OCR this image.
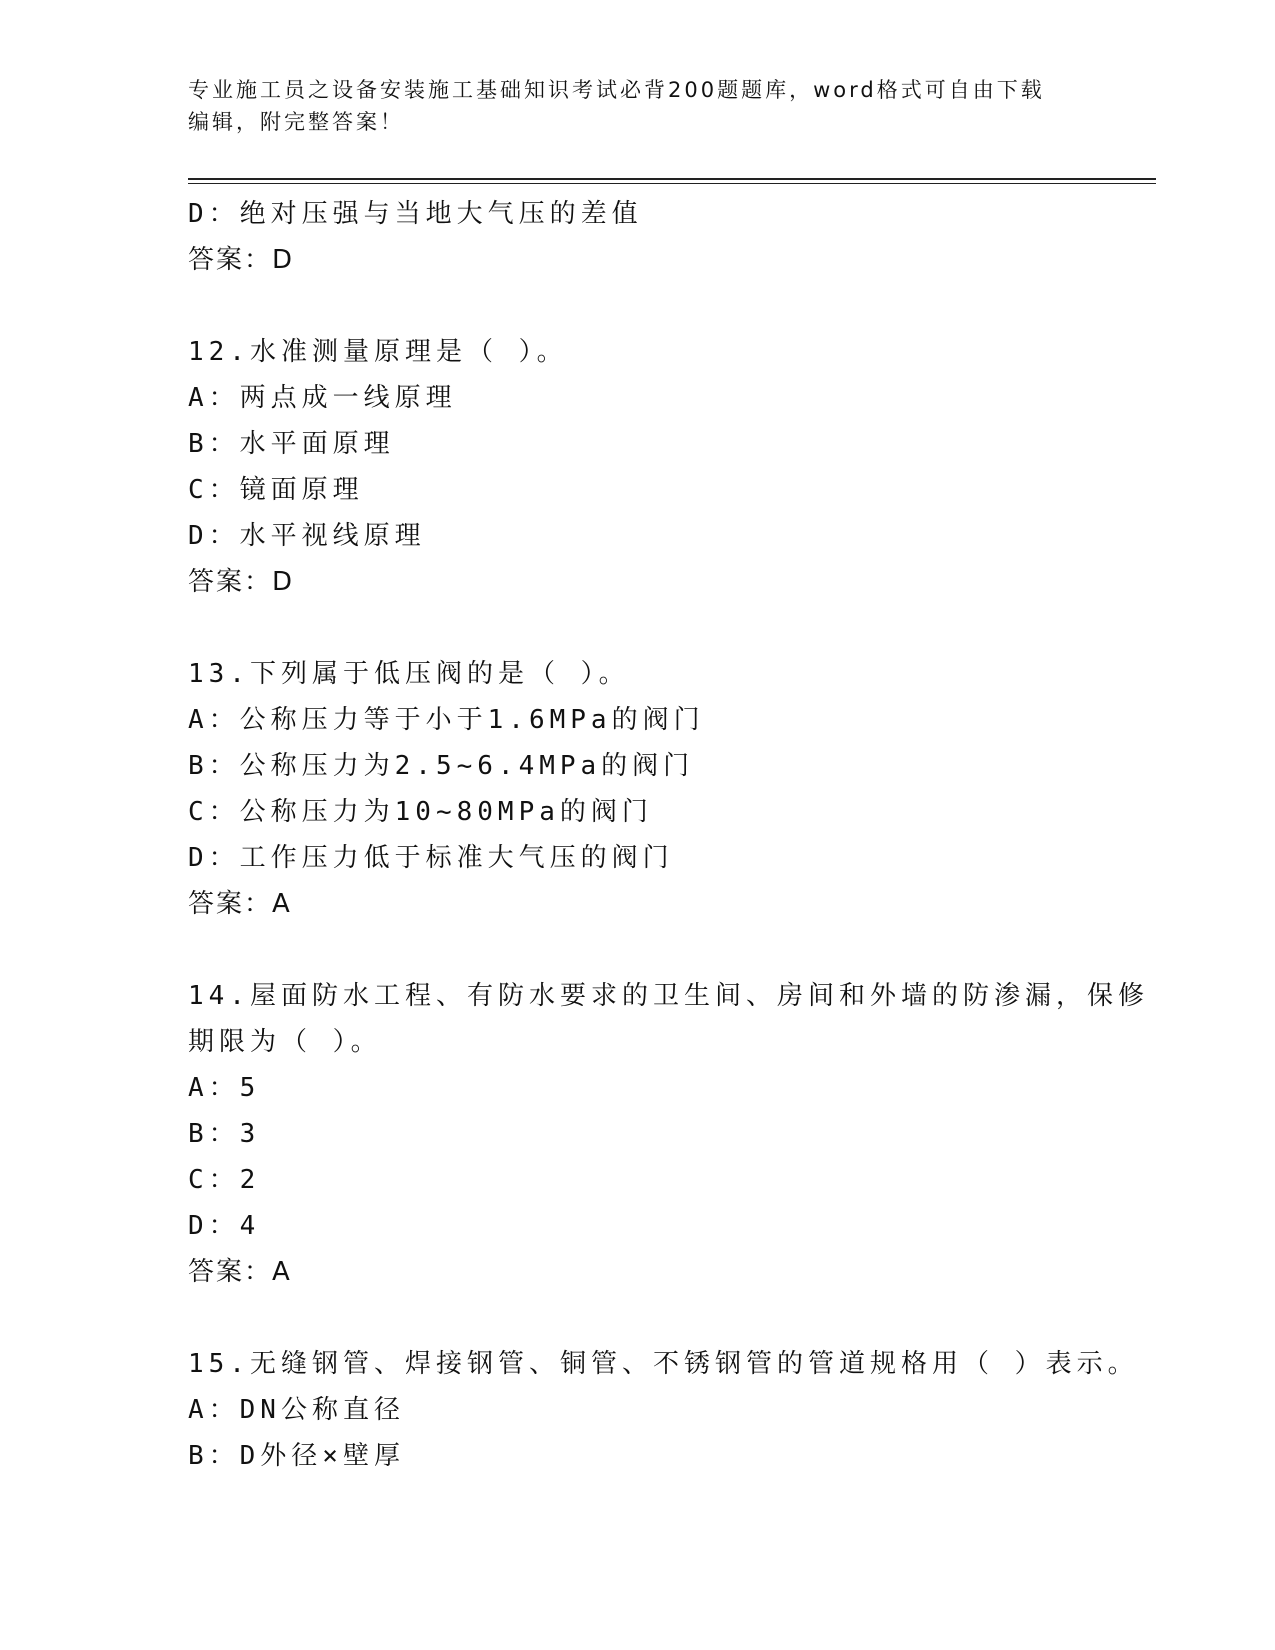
专业施工员之设备安装施工基础知识考试必背200题题库，word格式可自由下载
编辑，附完整答案！
D：绝对压强与当地大气压的差值
答案：D
12.水准测量原理是（ ）。
A：两点成一线原理
B：水平面原理
C：镜面原理
D：水平视线原理
答案：D
13.下列属于低压阀的是（ ）。
A：公称压力等于小于1.6MPa的阀门
B：公称压力为2.5~6.4MPa的阀门
C：公称压力为10~80MPa的阀门
D：工作压力低于标准大气压的阀门
答案：A
14.屋面防水工程、有防水要求的卫生间、房间和外墙的防渗漏，保修
期限为（ ）。
A：5
B：3
C：2
D：4
答案：A
15.无缝钢管、焊接钢管、铜管、不锈钢管的管道规格用（ ）表示。
A：DN公称直径
B：D外径×壁厚
